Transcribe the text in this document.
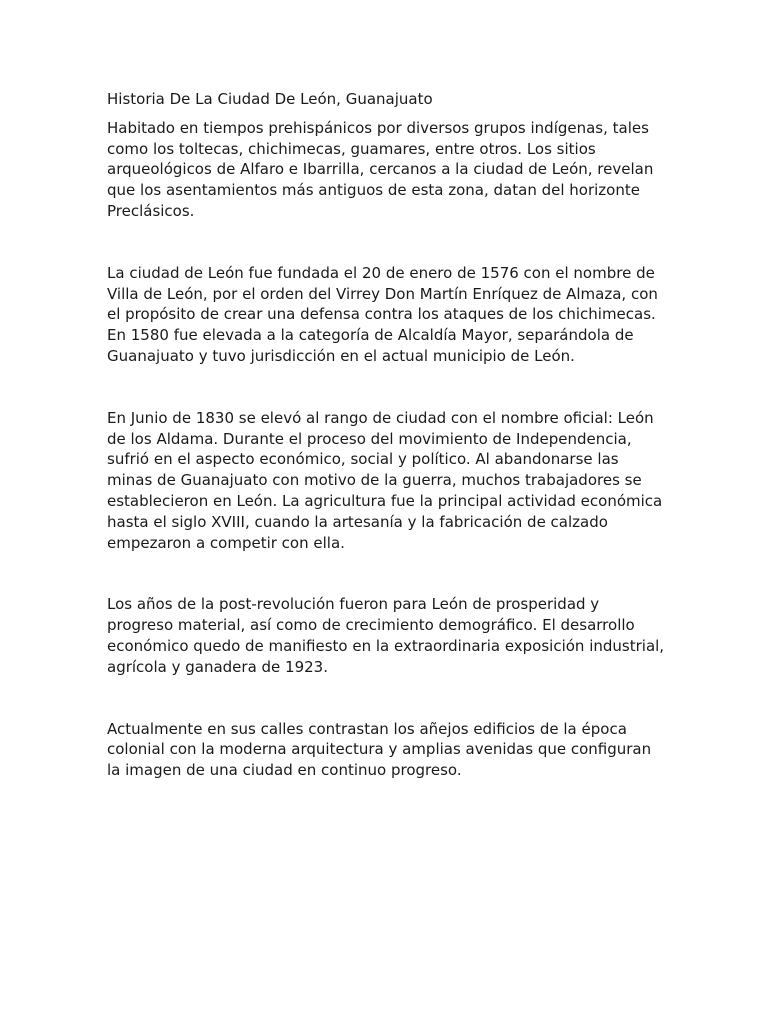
Historia De La Ciudad De León, Guanajuato

Habitado en tiempos prehispánicos por diversos grupos indígenas, tales como los toltecas, chichimecas, guamares, entre otros. Los sitios arqueológicos de Alfaro e Ibarrilla, cercanos a la ciudad de León, revelan que los asentamientos más antiguos de esta zona, datan del horizonte Preclásicos.

La ciudad de León fue fundada el 20 de enero de 1576 con el nombre de Villa de León, por el orden del Virrey Don Martín Enríquez de Almaza, con el propósito de crear una defensa contra los ataques de los chichimecas. En 1580 fue elevada a la categoría de Alcaldía Mayor, separándola de Guanajuato y tuvo jurisdicción en el actual municipio de León.

En Junio de 1830 se elevó al rango de ciudad con el nombre oficial: León de los Aldama. Durante el proceso del movimiento de Independencia, sufrió en el aspecto económico, social y político. Al abandonarse las minas de Guanajuato con motivo de la guerra, muchos trabajadores se establecieron en León. La agricultura fue la principal actividad económica hasta el siglo XVIII, cuando la artesanía y la fabricación de calzado empezaron a competir con ella.

Los años de la post-revolución fueron para León de prosperidad y progreso material, así como de crecimiento demográfico. El desarrollo económico quedo de manifiesto en la extraordinaria exposición industrial, agrícola y ganadera de 1923.

Actualmente en sus calles contrastan los añejos edificios de la época colonial con la moderna arquitectura y amplias avenidas que configuran la imagen de una ciudad en continuo progreso.
